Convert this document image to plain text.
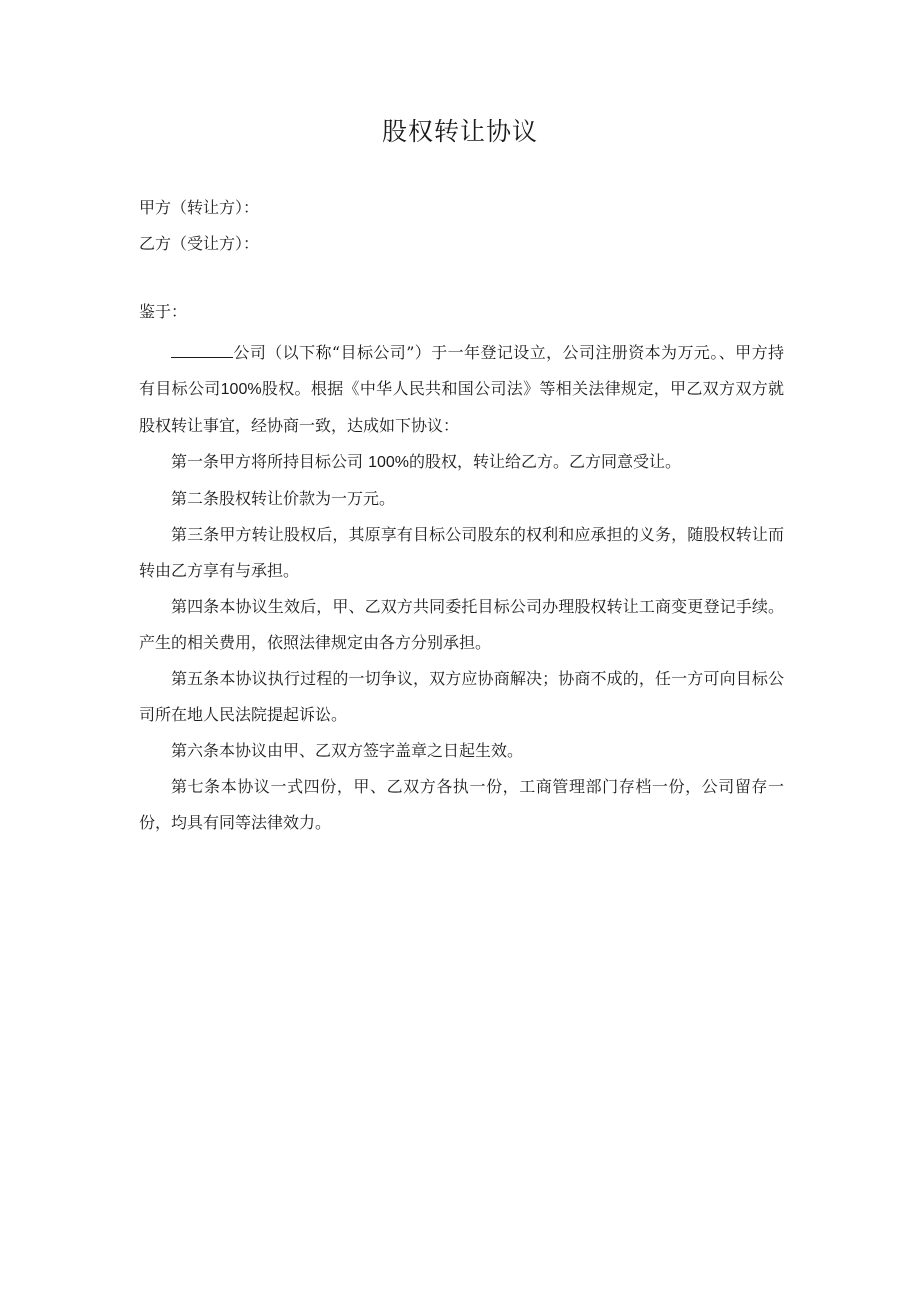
股权转让协议

甲方（转让方）：

乙方（受让方）：

鉴于：

公司（以下称“目标公司”）于一年登记设立，公司注册资本为万元。、甲方持有目标公司100%股权。根据《中华人民共和国公司法》等相关法律规定，甲乙双方双方就股权转让事宜，经协商一致，达成如下协议：

第一条甲方将所持目标公司 100%的股权，转让给乙方。乙方同意受让。

第二条股权转让价款为一万元。

第三条甲方转让股权后，其原享有目标公司股东的权利和应承担的义务，随股权转让而转由乙方享有与承担。

第四条本协议生效后，甲、乙双方共同委托目标公司办理股权转让工商变更登记手续。产生的相关费用，依照法律规定由各方分别承担。

第五条本协议执行过程的一切争议，双方应协商解决；协商不成的，任一方可向目标公司所在地人民法院提起诉讼。

第六条本协议由甲、乙双方签字盖章之日起生效。

第七条本协议一式四份，甲、乙双方各执一份，工商管理部门存档一份，公司留存一份，均具有同等法律效力。
